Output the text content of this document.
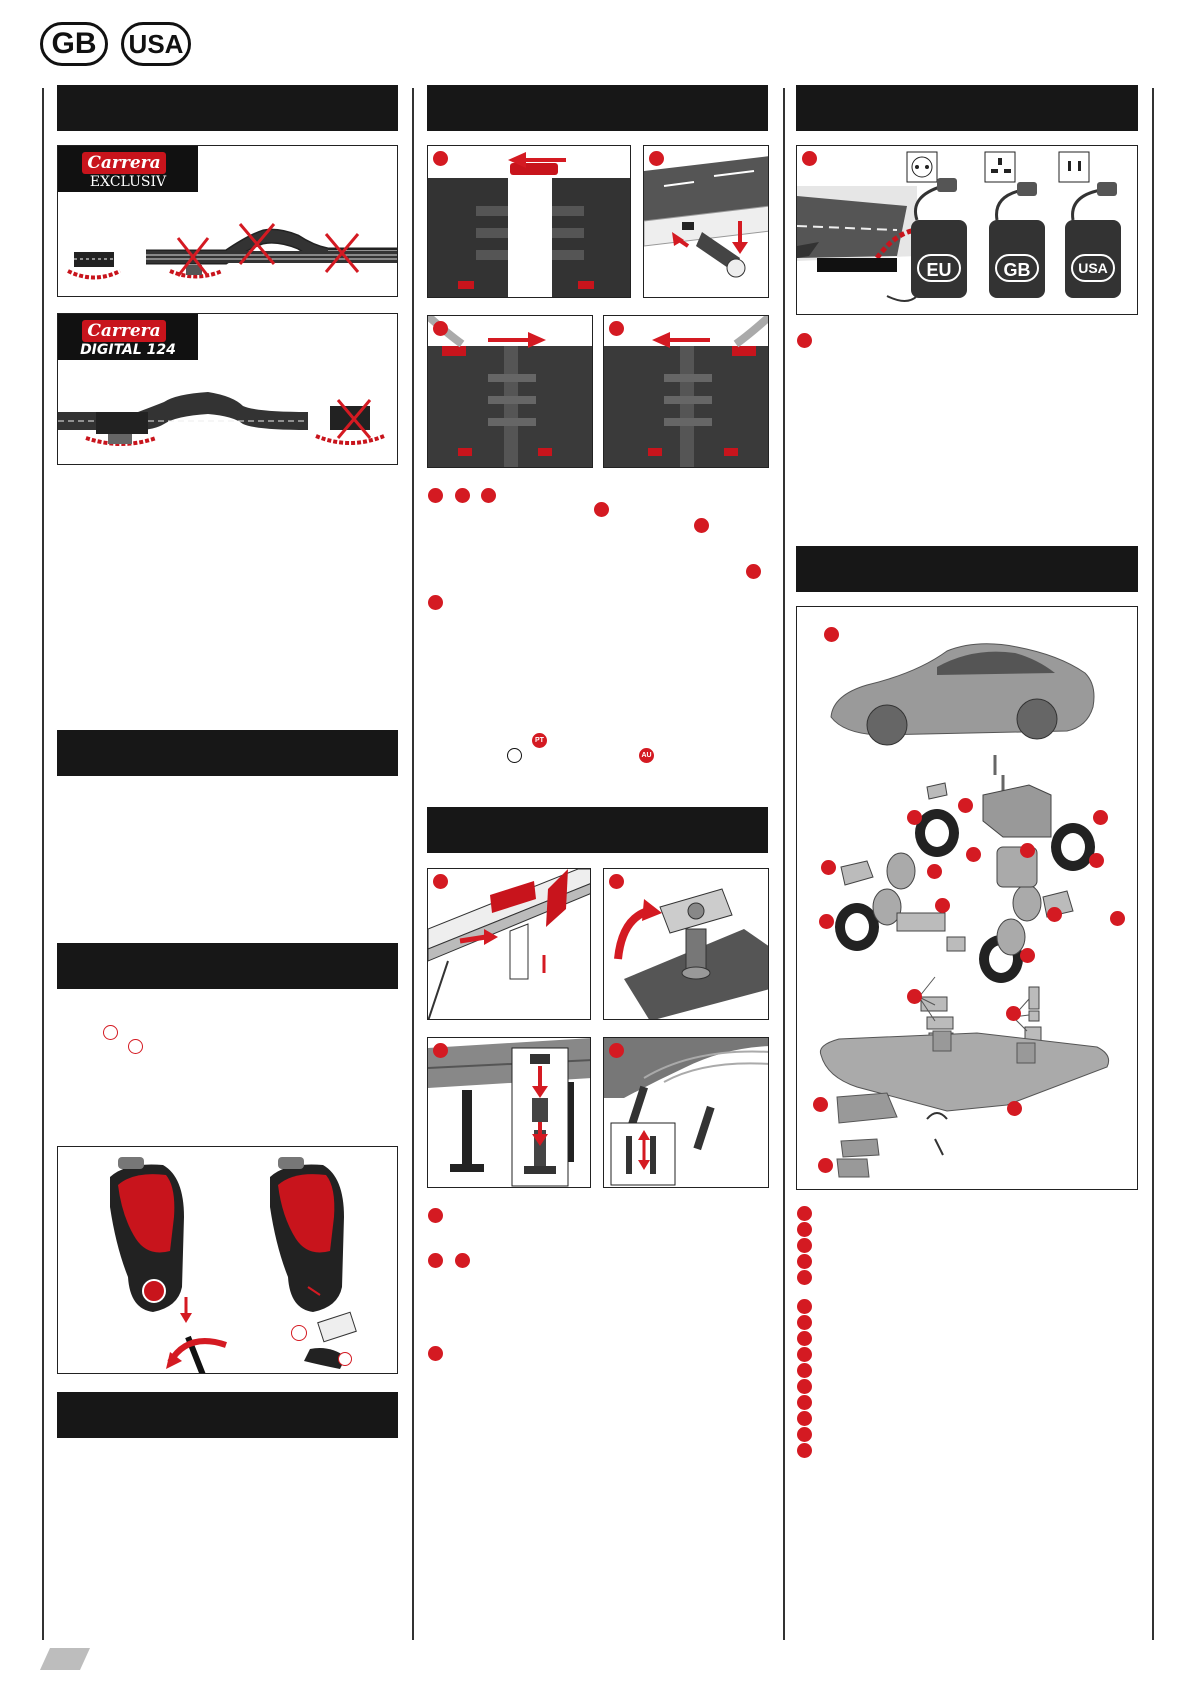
GB	USA
Carrera
EXCLUSIV
Carrera
DIGITAL 124
PT
AU
EU	GB	USA
